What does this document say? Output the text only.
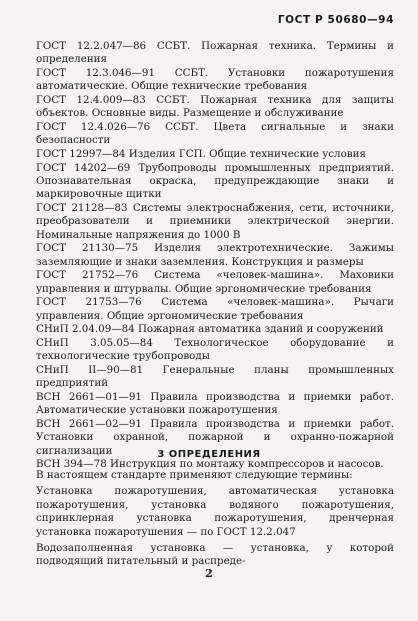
ГОСТ Р 50680—94

ГОСТ 12.2.047—86 ССБТ. Пожарная техника. Термины и определения

ГОСТ 12.3.046—91 ССБТ. Установки пожаротушения автоматические. Общие технические требования

ГОСТ 12.4.009—83 ССБТ. Пожарная техника для защиты объектов. Основные виды. Размещение и обслуживание

ГОСТ 12.4.026—76 ССБТ. Цвета сигнальные и знаки безопасности

ГОСТ 12997—84 Изделия ГСП. Общие технические условия

ГОСТ 14202—69 Трубопроводы промышленных предприятий. Опознавательная окраска, предупреждающие знаки и маркировочные щитки

ГОСТ 21128—83 Системы электроснабжения, сети, источники, преобразователи и приемники электрической энергии. Номинальные напряжения до 1000 В

ГОСТ 21130—75 Изделия электротехнические. Зажимы заземляющие и знаки заземления. Конструкция и размеры

ГОСТ 21752—76 Система «человек-машина». Маховики управления и штурвалы. Общие эргономические требования

ГОСТ 21753—76 Система «человек-машина». Рычаги управления. Общие эргономические требования

СНиП 2.04.09—84 Пожарная автоматика зданий и сооружений

СНиП 3.05.05—84 Технологическое оборудование и технологические трубопроводы

СНиП II—90—81 Генеральные планы промышленных предприятий

ВСН 2661—01—91 Правила производства и приемки работ. Автоматические установки пожаротушения

ВСН 2661—02—91 Правила производства и приемки работ. Установки охранной, пожарной и охранно-пожарной сигнализации

ВСН 394—78 Инструкция по монтажу компрессоров и насосов.

3 ОПРЕДЕЛЕНИЯ

В настоящем стандарте применяют следующие термины:

Установка пожаротушения, автоматическая установка пожаротушения, установка водяного пожаротушения, спринклерная установка пожаротушения, дренчерная установка пожаротушения — по ГОСТ 12.2.047

Водозаполненная установка — установка, у которой подводящий питательный и распреде-

2
